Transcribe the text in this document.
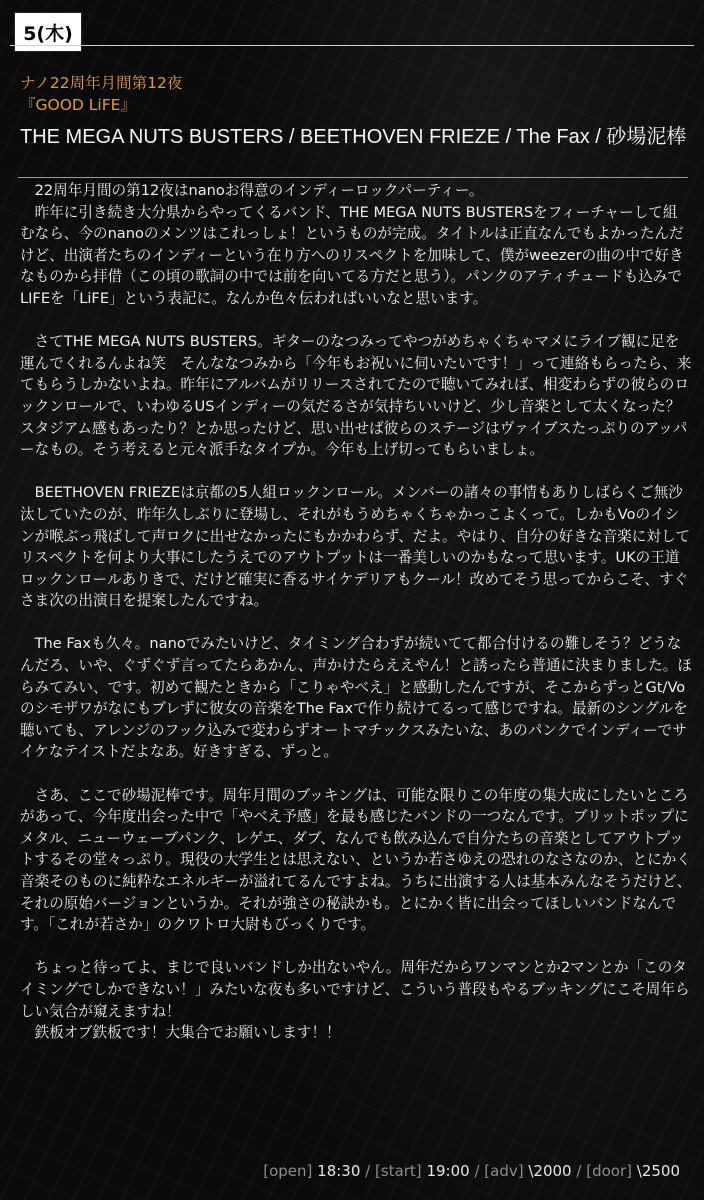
5(木)
ナノ22周年月間第12夜
『GOOD LiFE』
THE MEGA NUTS BUSTERS / BEETHOVEN FRIEZE / The Fax / 砂場泥棒

22周年月間の第12夜はnanoお得意のインディーロックパーティー。

昨年に引き続き大分県からやってくるバンド、THE MEGA NUTS BUSTERSをフィーチャーして組むなら、今のnanoのメンツはこれっしょ！というものが完成。タイトルは正直なんでもよかったんだけど、出演者たちのインディーという在り方へのリスペクトを加味して、僕がweezerの曲の中で好きなものから拝借（この頃の歌詞の中では前を向いてる方だと思う）。パンクのアティチュードも込みでLIFEを「LiFE」という表記に。なんか色々伝わればいいなと思います。

さてTHE MEGA NUTS BUSTERS。ギターのなつみってやつがめちゃくちゃマメにライブ観に足を運んでくれるんよね笑　そんななつみから「今年もお祝いに伺いたいです！」って連絡もらったら、来てもらうしかないよね。昨年にアルバムがリリースされてたので聴いてみれば、相変わらずの彼らのロックンロールで、いわゆるUSインディーの気だるさが気持ちいいけど、少し音楽として太くなった？スタジアム感もあったり？とか思ったけど、思い出せば彼らのステージはヴァイブスたっぷりのアッパーなもの。そう考えると元々派手なタイプか。今年も上げ切ってもらいましょ。

BEETHOVEN FRIEZEは京都の5人組ロックンロール。メンバーの諸々の事情もありしばらくご無沙汰していたのが、昨年久しぶりに登場し、それがもうめちゃくちゃかっこよくって。しかもVoのイシンが喉ぶっ飛ばして声ロクに出せなかったにもかかわらず、だよ。やはり、自分の好きな音楽に対してリスペクトを何より大事にしたうえでのアウトプットは一番美しいのかもなって思います。UKの王道ロックンロールありきで、だけど確実に香るサイケデリアもクール！改めてそう思ってからこそ、すぐさま次の出演日を提案したんですね。

The Faxも久々。nanoでみたいけど、タイミング合わずが続いてて都合付けるの難しそう？どうなんだろ、いや、ぐずぐず言ってたらあかん、声かけたらええやん！と誘ったら普通に決まりました。ほらみてみい、です。初めて観たときから「こりゃやべえ」と感動したんですが、そこからずっとGt/Voのシモザワがなにもブレずに彼女の音楽をThe Faxで作り続けてるって感じですね。最新のシングルを聴いても、アレンジのフック込みで変わらずオートマチックスみたいな、あのパンクでインディーでサイケなテイストだよなあ。好きすぎる、ずっと。

さあ、ここで砂場泥棒です。周年月間のブッキングは、可能な限りこの年度の集大成にしたいところがあって、今年度出会った中で「やべえ予感」を最も感じたバンドの一つなんです。ブリットポップにメタル、ニューウェーブパンク、レゲエ、ダブ、なんでも飲み込んで自分たちの音楽としてアウトプットするその堂々っぷり。現役の大学生とは思えない、というか若さゆえの恐れのなさなのか、とにかく音楽そのものに純粋なエネルギーが溢れてるんですよね。うちに出演する人は基本みんなそうだけど、それの原始バージョンというか。それが強さの秘訣かも。とにかく皆に出会ってほしいバンドなんです。「これが若さか」のクワトロ大尉もびっくりです。

ちょっと待ってよ、まじで良いバンドしか出ないやん。周年だからワンマンとか2マンとか「このタイミングでしかできない！」みたいな夜も多いですけど、こういう普段もやるブッキングにこそ周年らしい気合が窺えますね！

鉄板オブ鉄板です！大集合でお願いします！！

[open] 18:30 / [start] 19:00 / [adv] \2000 / [door] \2500
